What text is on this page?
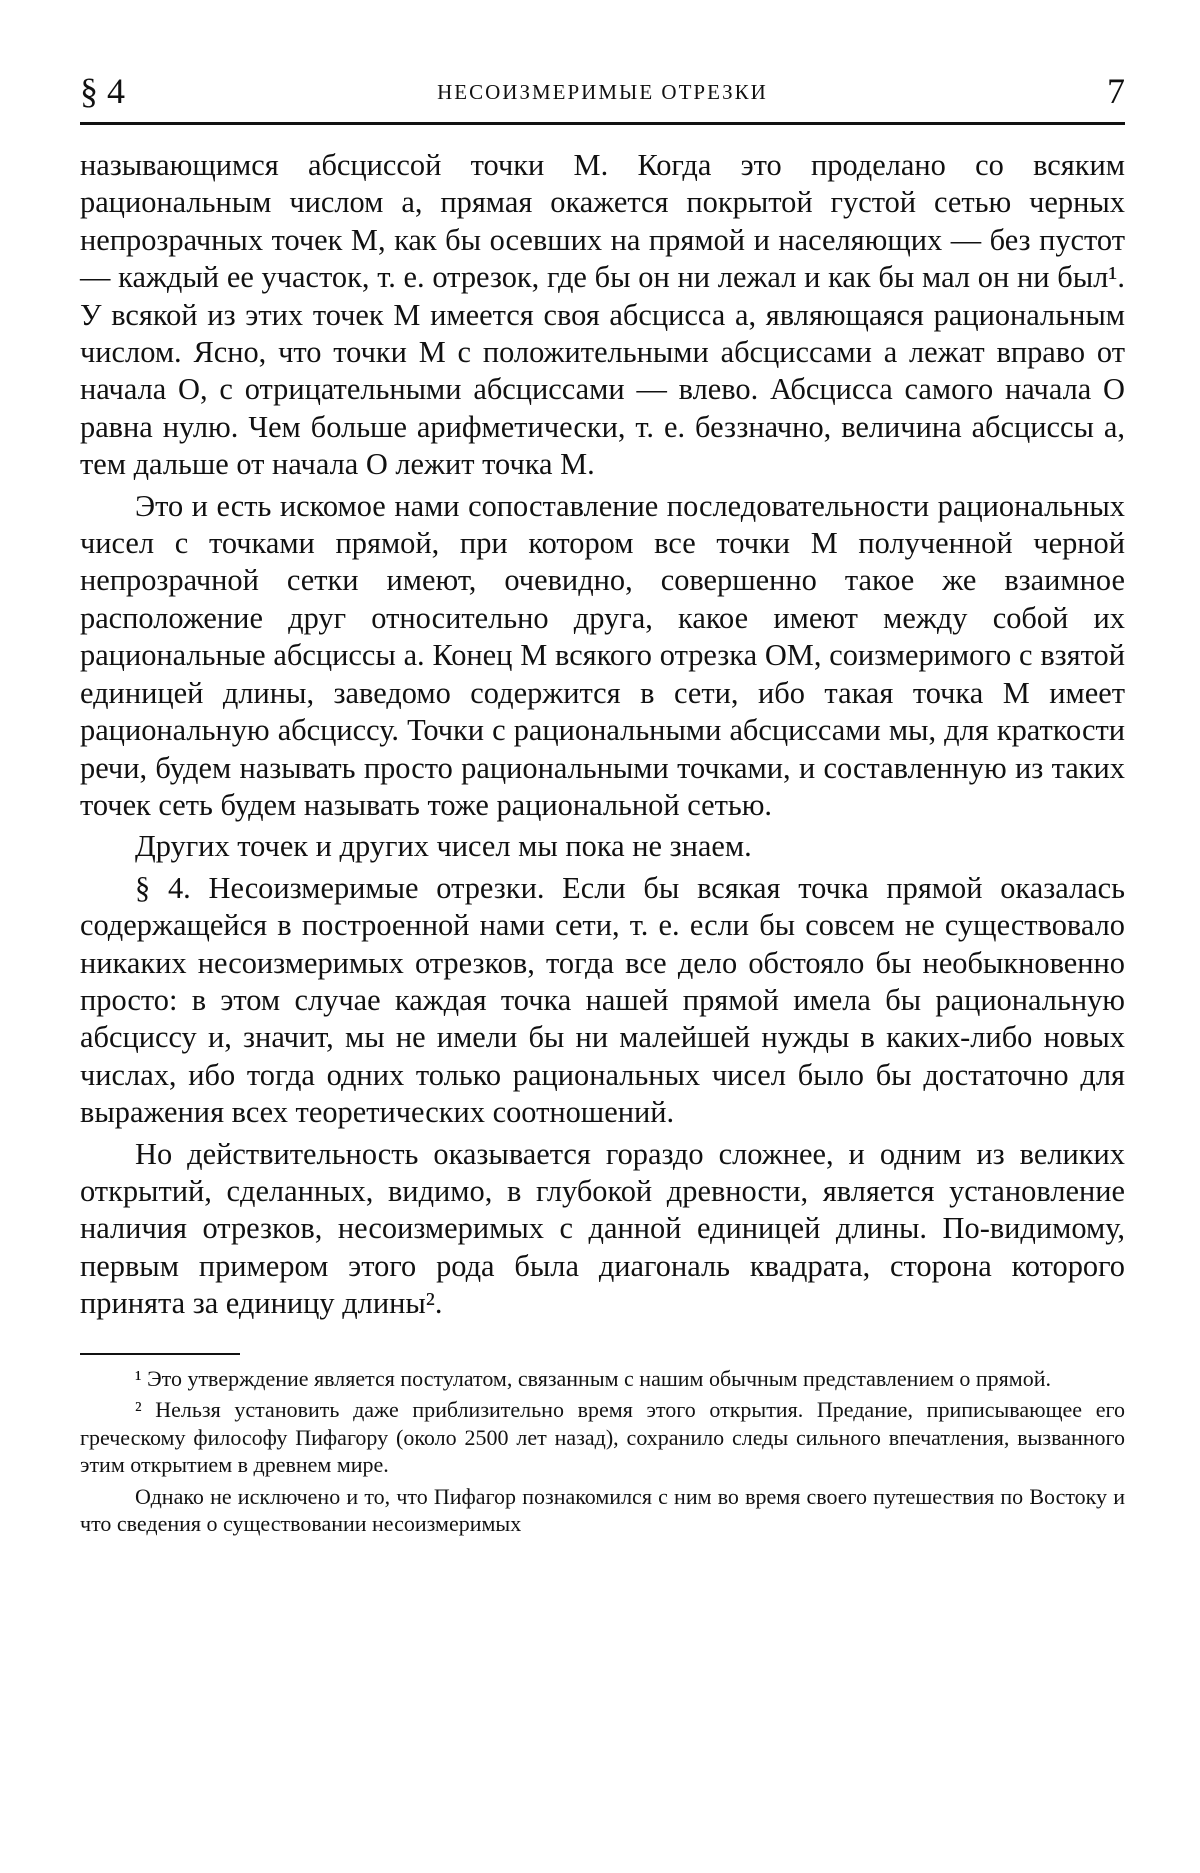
§ 4	НЕСОИЗМЕРИМЫЕ ОТРЕЗКИ	7

называющимся абсциссой точки M. Когда это проделано со всяким рациональным числом a, прямая окажется покрытой густой сетью черных непрозрачных точек M, как бы осевших на прямой и населяющих — без пустот — каждый ее участок, т. е. отрезок, где бы он ни лежал и как бы мал он ни был¹. У всякой из этих точек M имеется своя абсцисса a, являющаяся рациональным числом. Ясно, что точки M с положительными абсциссами a лежат вправо от начала O, с отрицательными абсциссами — влево. Абсцисса самого начала O равна нулю. Чем больше арифметически, т. е. беззначно, величина абсциссы a, тем дальше от начала O лежит точка M.

Это и есть искомое нами сопоставление последовательности рациональных чисел с точками прямой, при котором все точки M полученной черной непрозрачной сетки имеют, очевидно, совершенно такое же взаимное расположение друг относительно друга, какое имеют между собой их рациональные абсциссы a. Конец M всякого отрезка OM, соизмеримого с взятой единицей длины, заведомо содержится в сети, ибо такая точка M имеет рациональную абсциссу. Точки с рациональными абсциссами мы, для краткости речи, будем называть просто рациональными точками, и составленную из таких точек сеть будем называть тоже рациональной сетью.

Других точек и других чисел мы пока не знаем.

§ 4. Несоизмеримые отрезки. Если бы всякая точка прямой оказалась содержащейся в построенной нами сети, т. е. если бы совсем не существовало никаких несоизмеримых отрезков, тогда все дело обстояло бы необыкновенно просто: в этом случае каждая точка нашей прямой имела бы рациональную абсциссу и, значит, мы не имели бы ни малейшей нужды в каких-либо новых числах, ибо тогда одних только рациональных чисел было бы достаточно для выражения всех теоретических соотношений.

Но действительность оказывается гораздо сложнее, и одним из великих открытий, сделанных, видимо, в глубокой древности, является установление наличия отрезков, несоизмеримых с данной единицей длины. По-видимому, первым примером этого рода была диагональ квадрата, сторона которого принята за единицу длины².

¹ Это утверждение является постулатом, связанным с нашим обычным представлением о прямой.

² Нельзя установить даже приблизительно время этого открытия. Предание, приписывающее его греческому философу Пифагору (около 2500 лет назад), сохранило следы сильного впечатления, вызванного этим открытием в древнем мире.

Однако не исключено и то, что Пифагор познакомился с ним во время своего путешествия по Востоку и что сведения о существовании несоизмеримых
